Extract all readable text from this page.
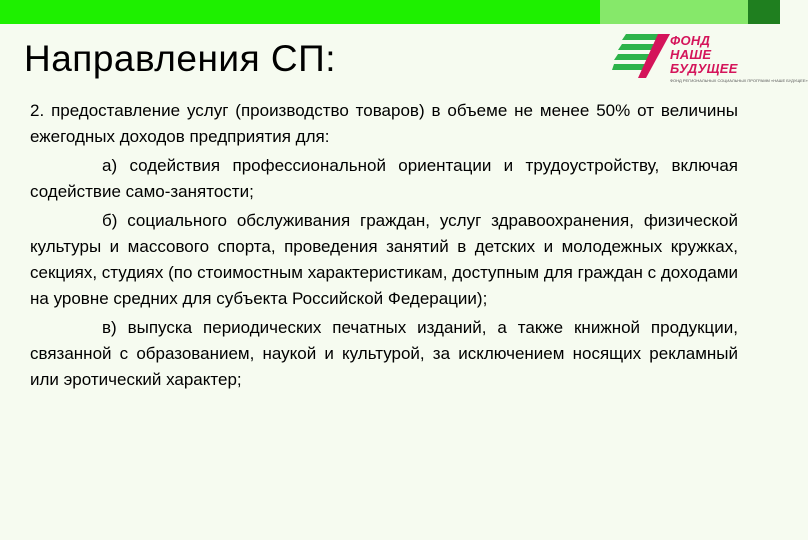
Направления СП:	ФОНД
НАШЕ
БУДУЩЕЕ
ФОНД РЕГИОНАЛЬНЫХ СОЦИАЛЬНЫХ ПРОГРАММ «НАШЕ БУДУЩЕЕ»

2. предоставление услуг (производство товаров) в объеме не менее 50% от величины ежегодных доходов предприятия для:

а) содействия профессиональной ориентации и трудоустройству, включая содействие само-занятости;

б) социального обслуживания граждан, услуг здравоохранения, физической культуры и массового спорта, проведения занятий в детских и молодежных кружках, секциях, студиях (по стоимостным характеристикам, доступным для граждан с доходами на уровне средних для субъекта Российской Федерации);

в) выпуска периодических печатных изданий, а также книжной продукции, связанной с образованием, наукой и культурой, за исключением носящих рекламный или эротический характер;
